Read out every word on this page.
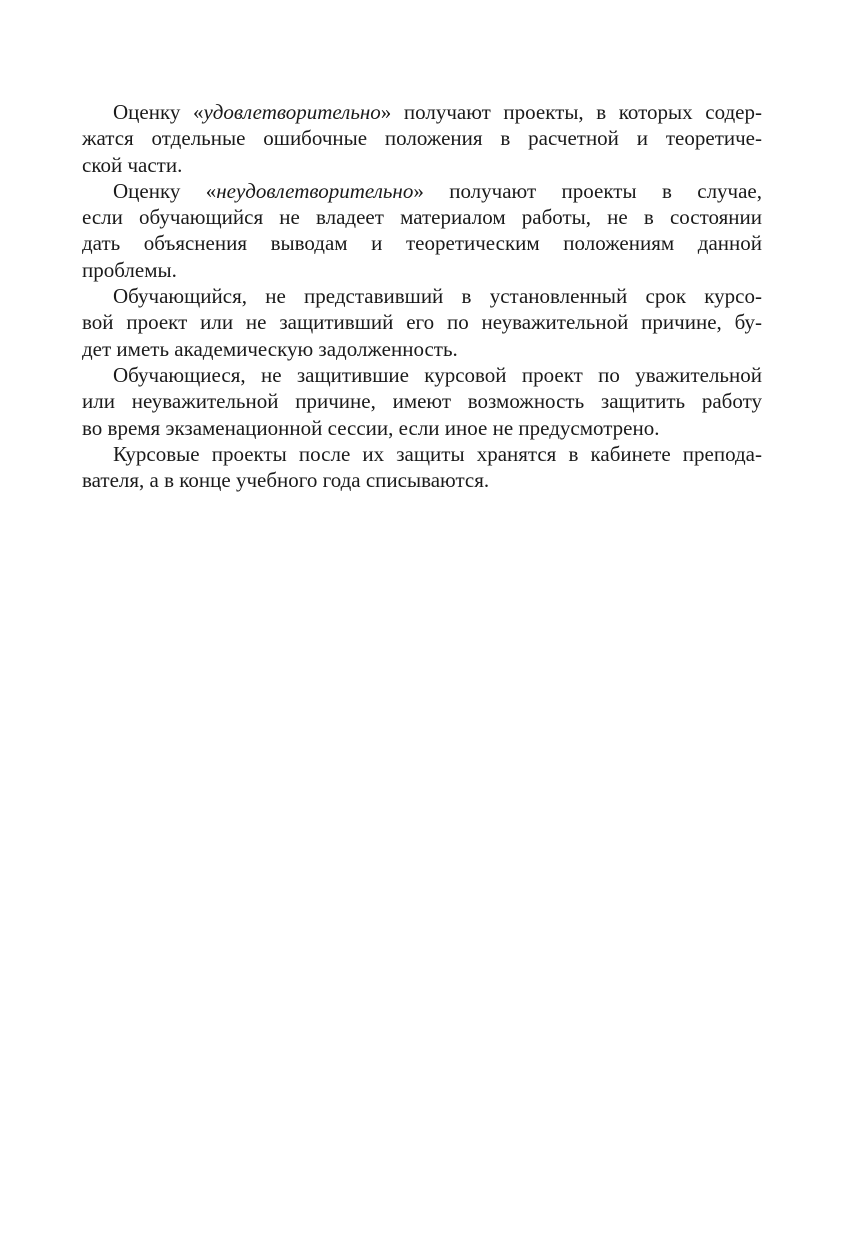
Оценку «удовлетворительно» получают проекты, в которых содер-
жатся отдельные ошибочные положения в расчетной и теоретиче-
ской части.

Оценку «неудовлетворительно» получают проекты в случае,
если обучающийся не владеет материалом работы, не в состоянии
дать объяснения выводам и теоретическим положениям данной
проблемы.

Обучающийся, не представивший в установленный срок курсо-
вой проект или не защитивший его по неуважительной причине, бу-
дет иметь академическую задолженность.

Обучающиеся, не защитившие курсовой проект по уважительной
или неуважительной причине, имеют возможность защитить работу
во время экзаменационной сессии, если иное не предусмотрено.

Курсовые проекты после их защиты хранятся в кабинете препода-
вателя, а в конце учебного года списываются.
